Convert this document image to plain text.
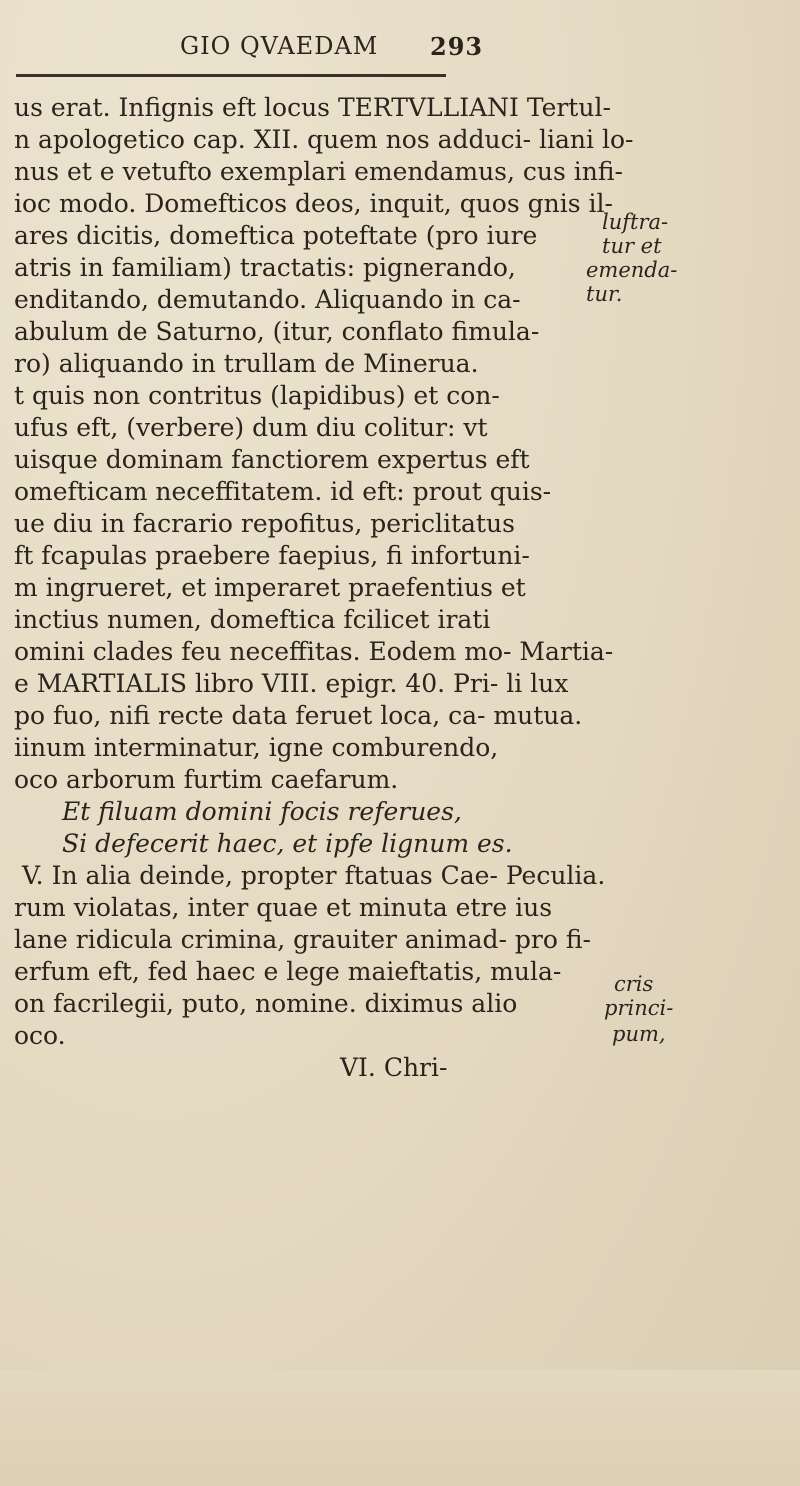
GIO QVAEDAM 293
us erat. Infignis eft locus TERTVLLIANI Tertul-
n apologetico cap. XII. quem nos adduci- liani lo-
nus et e vetufto exemplari emendamus, cus infi-
ioc modo. Domefticos deos, inquit, quos gnis il-
ares dicitis, domeftica poteftate (pro iure
atris in familiam) tractatis: pignerando,
enditando, demutando. Aliquando in ca-
abulum de Saturno, (itur, conflato fimula-
ro) aliquando in trullam de Minerua.
t quis non contritus (lapidibus) et con-
ufus eft, (verbere) dum diu colitur: vt
uisque dominam fanctiorem expertus eft
omefticam neceffitatem. id eft: prout quis-
ue diu in facrario repofitus, periclitatus
ft fcapulas praebere faepius, fi infortuni-
m ingrueret, et imperaret praefentius et
inctius numen, domeftica fcilicet irati
omini clades feu neceffitas. Eodem mo- Martia-
e MARTIALIS libro VIII. epigr. 40. Pri- li lux
po fuo, nifi recte data feruet loca, ca- mutua.
iinum interminatur, igne comburendo,
oco arborum furtim caefarum.
Et filuam domini focis referues,
Si defecerit haec, et ipfe lignum es.
V. In alia deinde, propter ftatuas Cae- Peculia.
rum violatas, inter quae et minuta etre ius
lane ridicula crimina, grauiter animad- pro fi-
erfum eft, fed haec e lege maieftatis, mula-
on facrilegii, puto, nomine. diximus alio
oco.
VI. Chri-
luftra-
tur et
emenda-
tur.
cris
princi-
pum,
